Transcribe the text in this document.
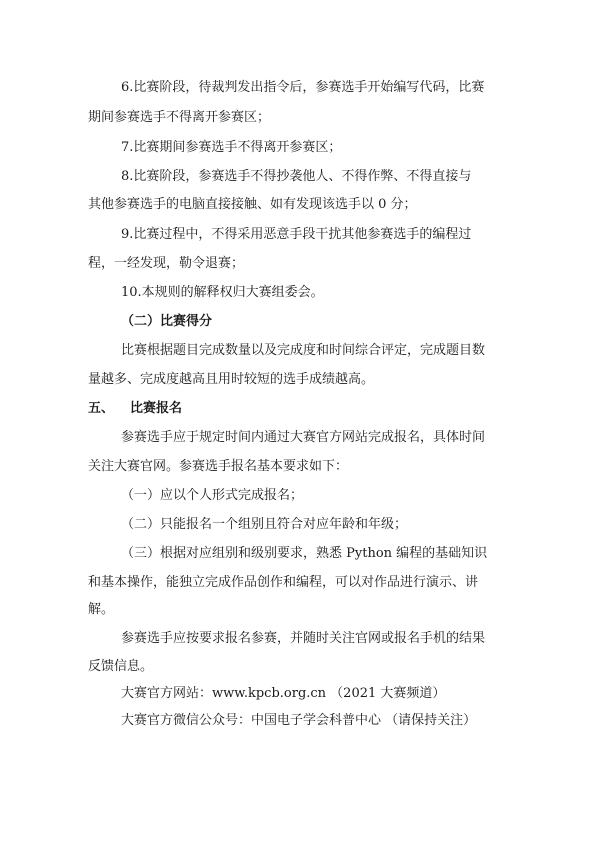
6.比赛阶段，待裁判发出指令后，参赛选手开始编写代码，比赛
期间参赛选手不得离开参赛区；
7.比赛期间参赛选手不得离开参赛区；
8.比赛阶段，参赛选手不得抄袭他人、不得作弊、不得直接与
其他参赛选手的电脑直接接触、如有发现该选手以 0 分；
9.比赛过程中，不得采用恶意手段干扰其他参赛选手的编程过
程，一经发现，勒令退赛；
10.本规则的解释权归大赛组委会。
（二）比赛得分
比赛根据题目完成数量以及完成度和时间综合评定，完成题目数
量越多、完成度越高且用时较短的选手成绩越高。
五、 比赛报名
参赛选手应于规定时间内通过大赛官方网站完成报名，具体时间
关注大赛官网。参赛选手报名基本要求如下：
（一）应以个人形式完成报名；
（二）只能报名一个组别且符合对应年龄和年级；
（三）根据对应组别和级别要求，熟悉 Python 编程的基础知识
和基本操作，能独立完成作品创作和编程，可以对作品进行演示、讲
解。
参赛选手应按要求报名参赛，并随时关注官网或报名手机的结果
反馈信息。
大赛官方网站：www.kpcb.org.cn （2021 大赛频道）
大赛官方微信公众号：中国电子学会科普中心 （请保持关注）
